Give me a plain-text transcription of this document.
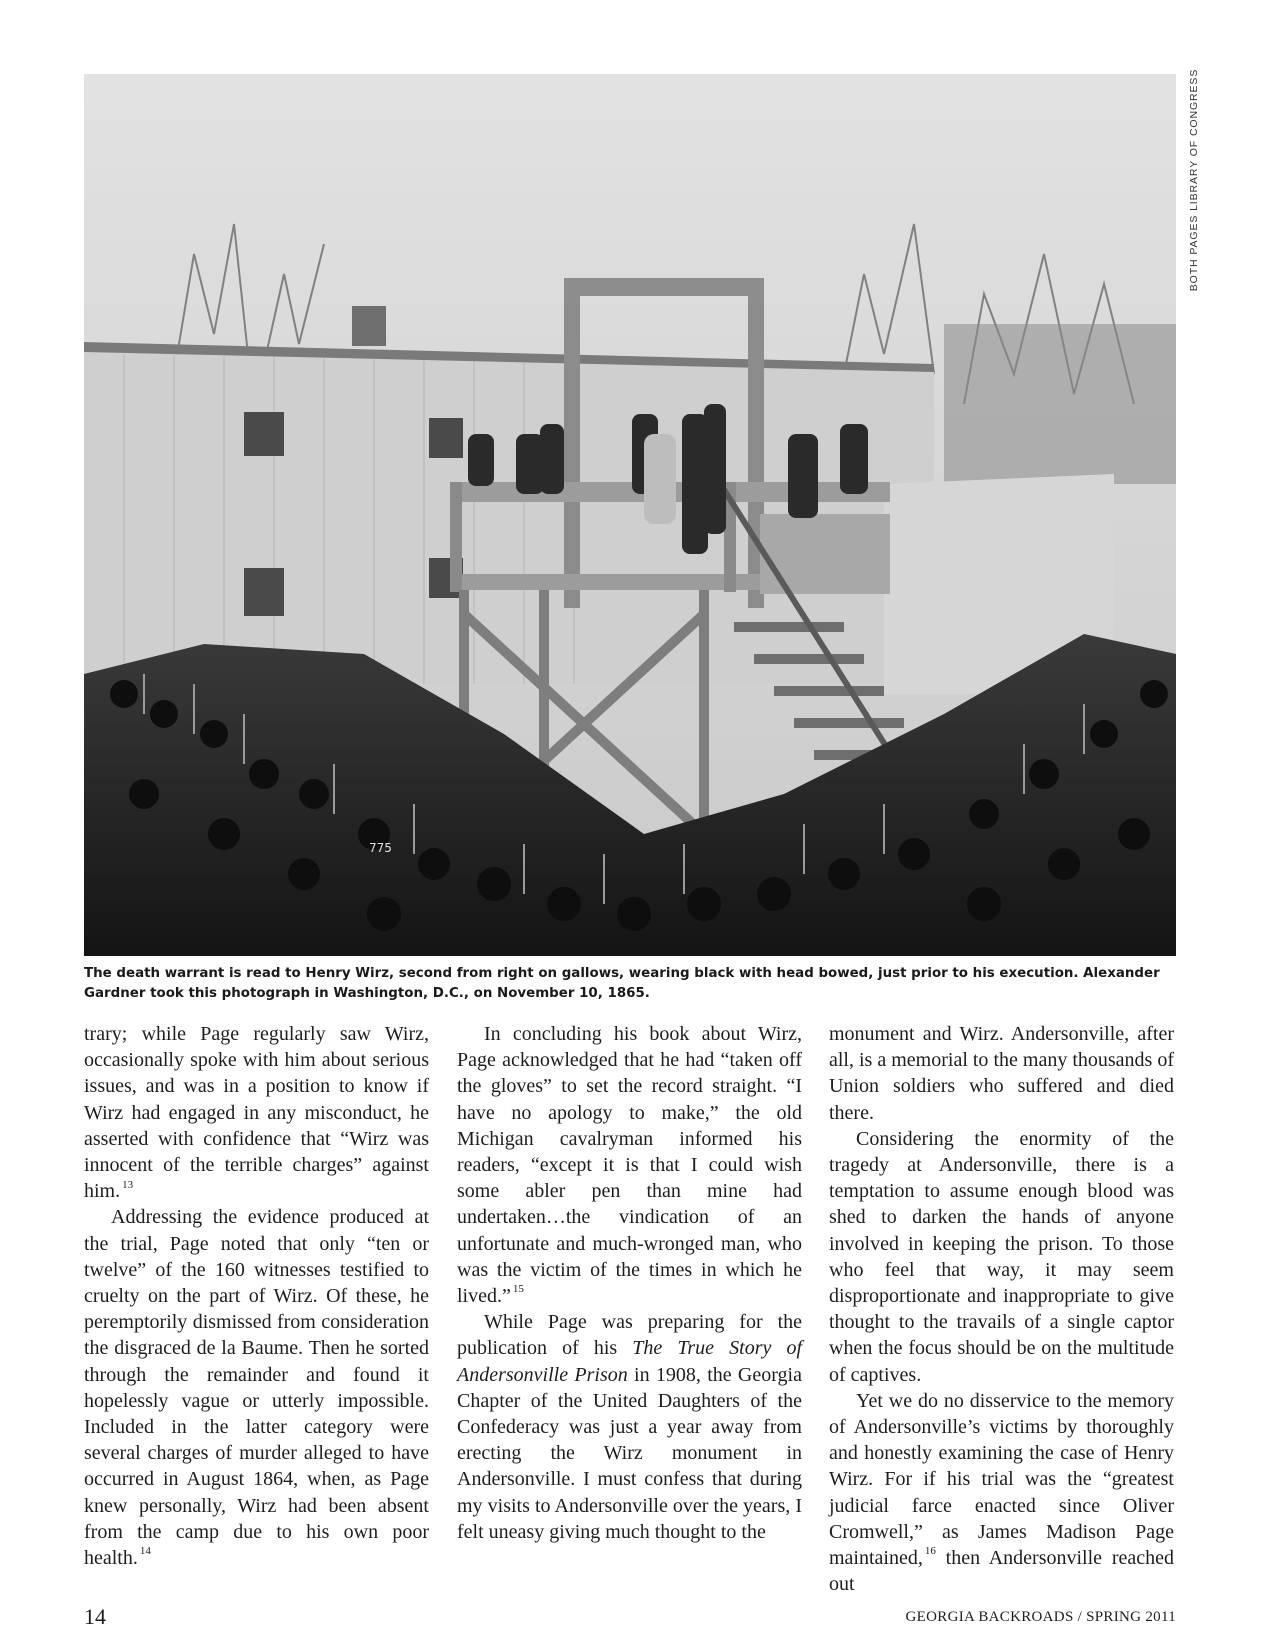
775
BOTH PAGES LIBRARY OF CONGRESS

The death warrant is read to Henry Wirz, second from right on gallows, wearing black with head bowed, just prior to his execution. Alexander Gardner took this photograph in Washington, D.C., on November 10, 1865.

trary; while Page regularly saw Wirz, occasionally spoke with him about serious issues, and was in a position to know if Wirz had engaged in any misconduct, he asserted with confidence that “Wirz was innocent of the terrible charges” against him. $^{13}$

Addressing the evidence produced at the trial, Page noted that only “ten or twelve” of the 160 witnesses testified to cruelty on the part of Wirz. Of these, he peremptorily dismissed from consideration the disgraced de la Baume. Then he sorted through the remainder and found it hopelessly vague or utterly impossible. Included in the latter category were several charges of murder alleged to have occurred in August 1864, when, as Page knew personally, Wirz had been absent from the camp due to his own poor health. $^{14}$

In concluding his book about Wirz, Page acknowledged that he had “taken off the gloves” to set the record straight. “I have no apology to make,” the old Michigan cavalryman informed his readers, “except it is that I could wish some abler pen than mine had undertaken…the vindication of an unfortunate and much-wronged man, who was the victim of the times in which he lived.” $^{15}$

While Page was preparing for the publication of his The True Story of Andersonville Prison in 1908, the Georgia Chapter of the United Daughters of the Confederacy was just a year away from erecting the Wirz monument in Andersonville. I must confess that during my visits to Andersonville over the years, I felt uneasy giving much thought to the

monument and Wirz. Andersonville, after all, is a memorial to the many thousands of Union soldiers who suffered and died there.

Considering the enormity of the tragedy at Andersonville, there is a temptation to assume enough blood was shed to darken the hands of anyone involved in keeping the prison. To those who feel that way, it may seem disproportionate and inappropriate to give thought to the travails of a single captor when the focus should be on the multitude of captives.

Yet we do no disservice to the memory of Andersonville’s victims by thoroughly and honestly examining the case of Henry Wirz. For if his trial was the “greatest judicial farce enacted since Oliver Cromwell,” as James Madison Page maintained, $^{16}$ then Andersonville reached out

14	GEORGIA BACKROADS / SPRING 2011
